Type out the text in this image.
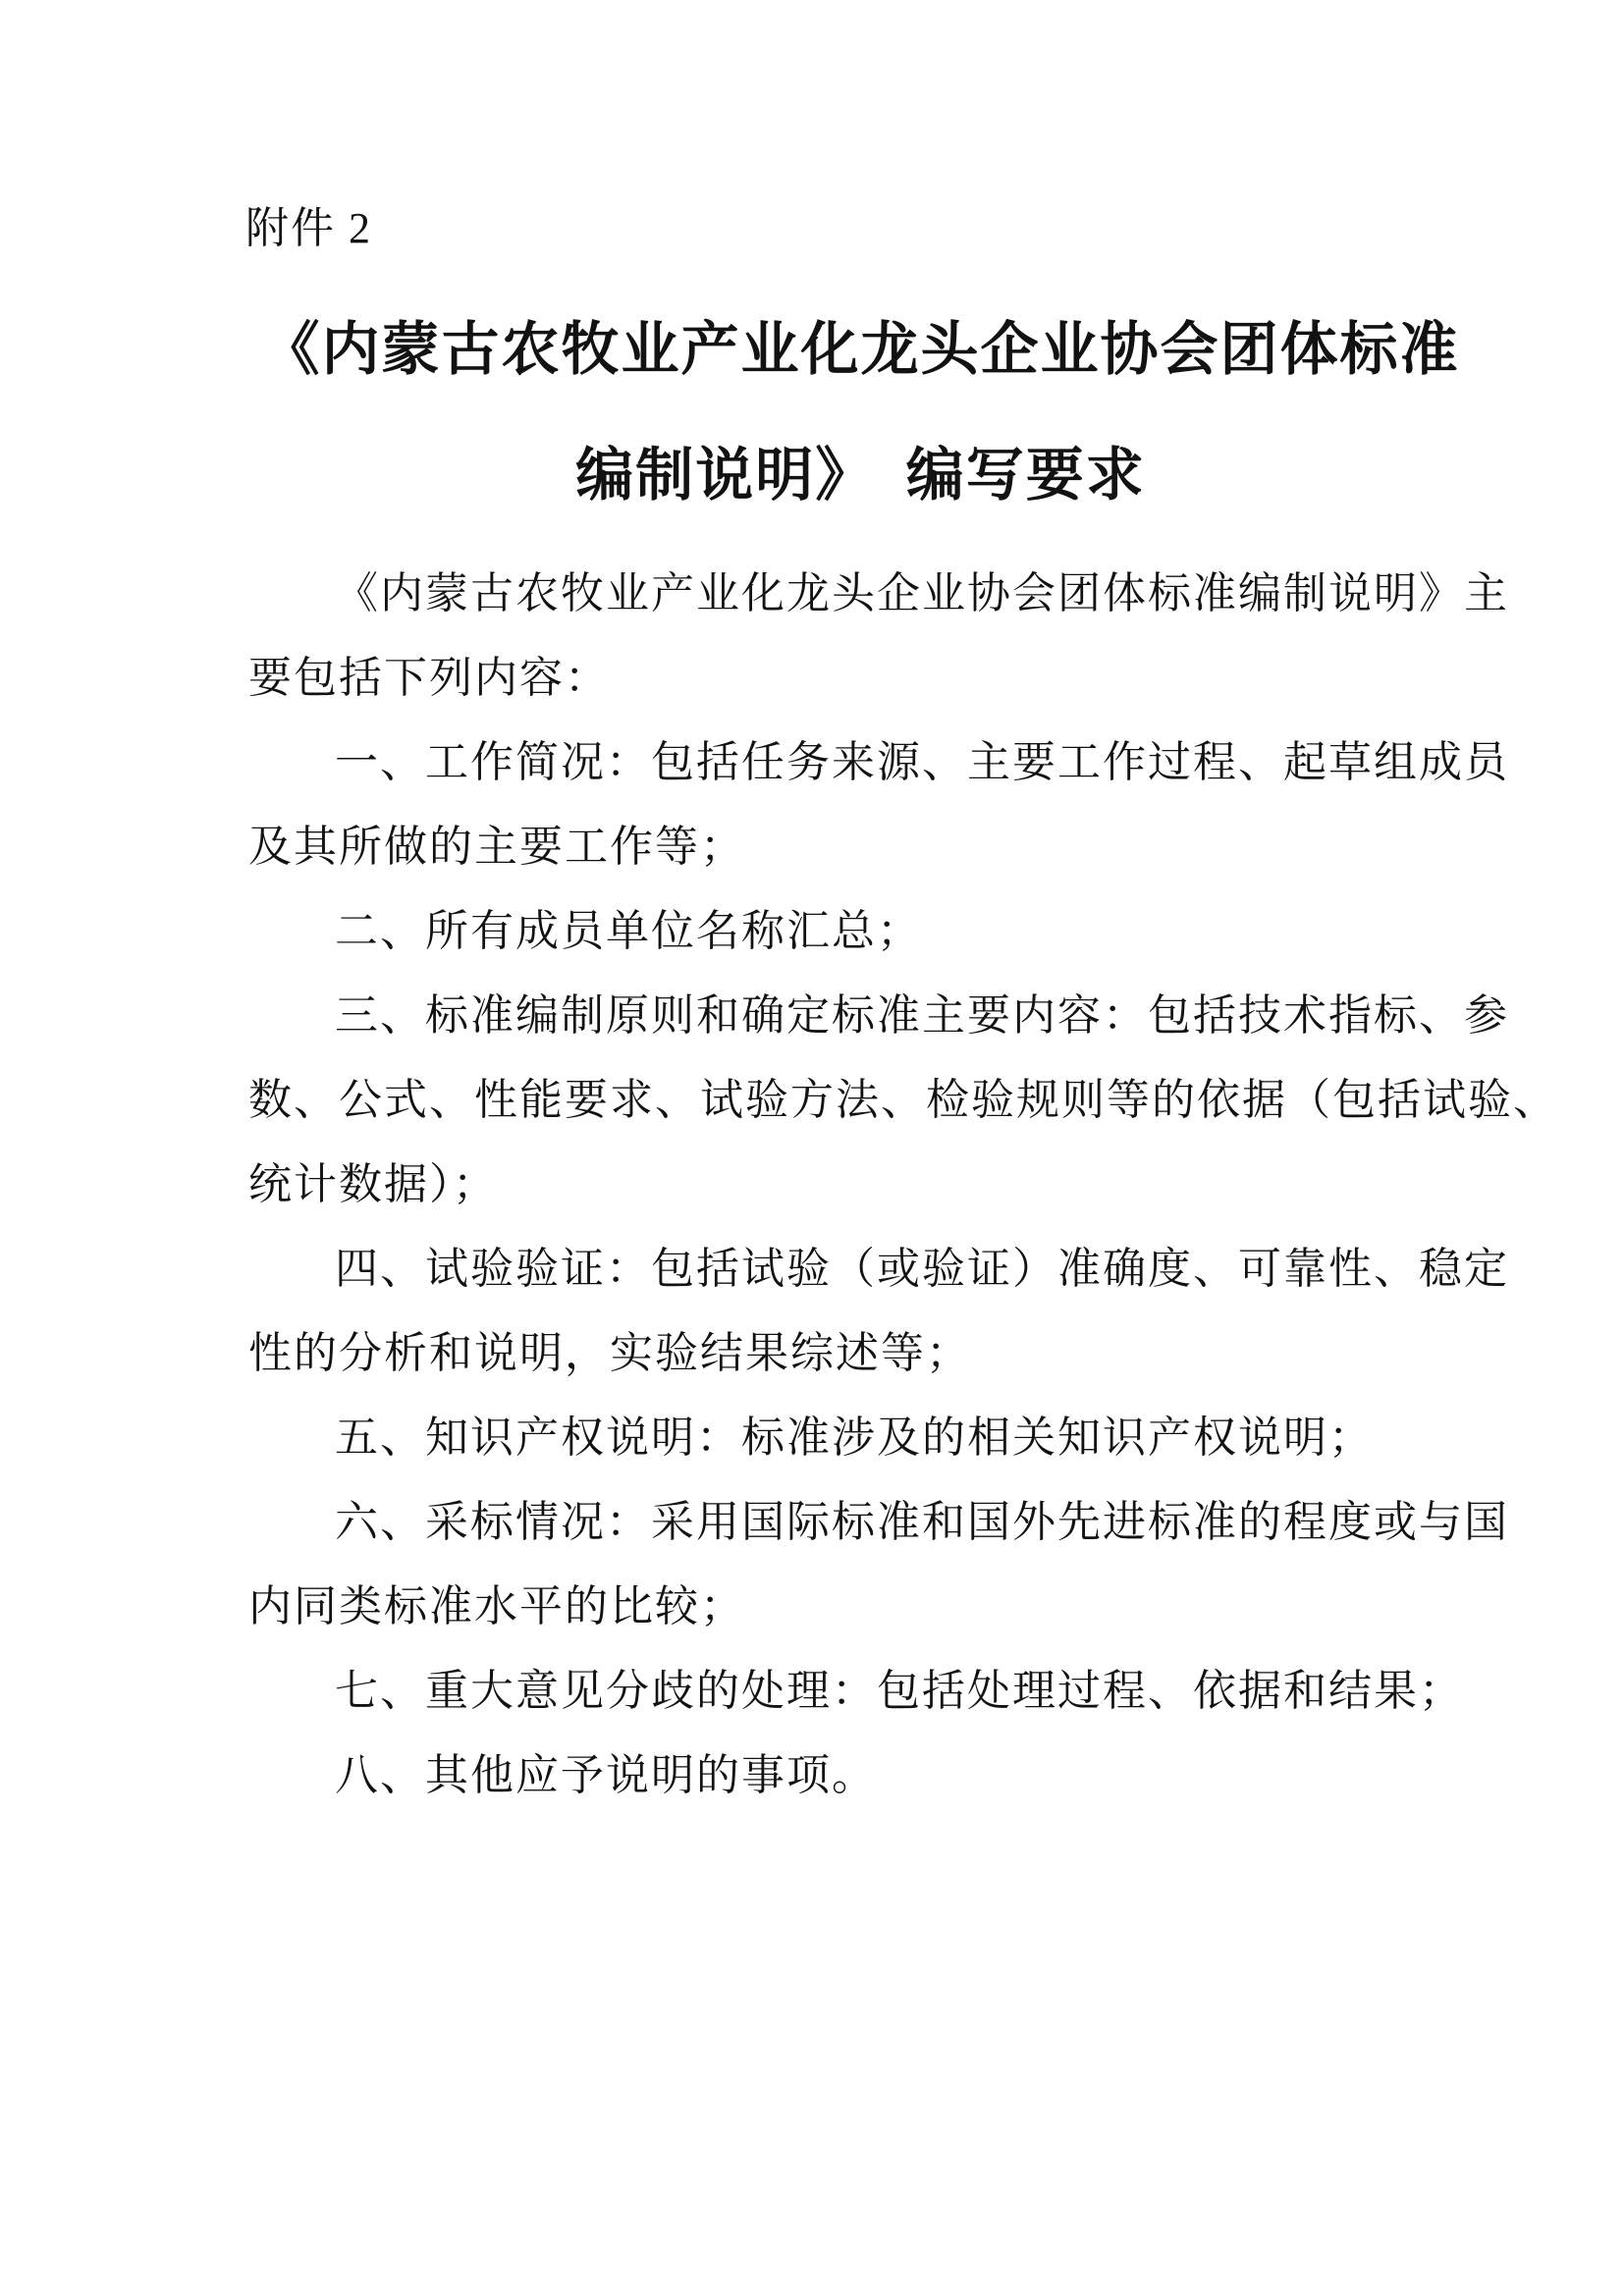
附件 2
《内蒙古农牧业产业化龙头企业协会团体标准
编制说明》　编写要求
《内蒙古农牧业产业化龙头企业协会团体标准编制说明》主
要包括下列内容：
一、工作简况：包括任务来源、主要工作过程、起草组成员
及其所做的主要工作等；
二、所有成员单位名称汇总；
三、标准编制原则和确定标准主要内容：包括技术指标、参
数、公式、性能要求、试验方法、检验规则等的依据（包括试验、
统计数据）；
四、试验验证：包括试验（或验证）准确度、可靠性、稳定
性的分析和说明，实验结果综述等；
五、知识产权说明：标准涉及的相关知识产权说明；
六、采标情况：采用国际标准和国外先进标准的程度或与国
内同类标准水平的比较；
七、重大意见分歧的处理：包括处理过程、依据和结果；
八、其他应予说明的事项。
